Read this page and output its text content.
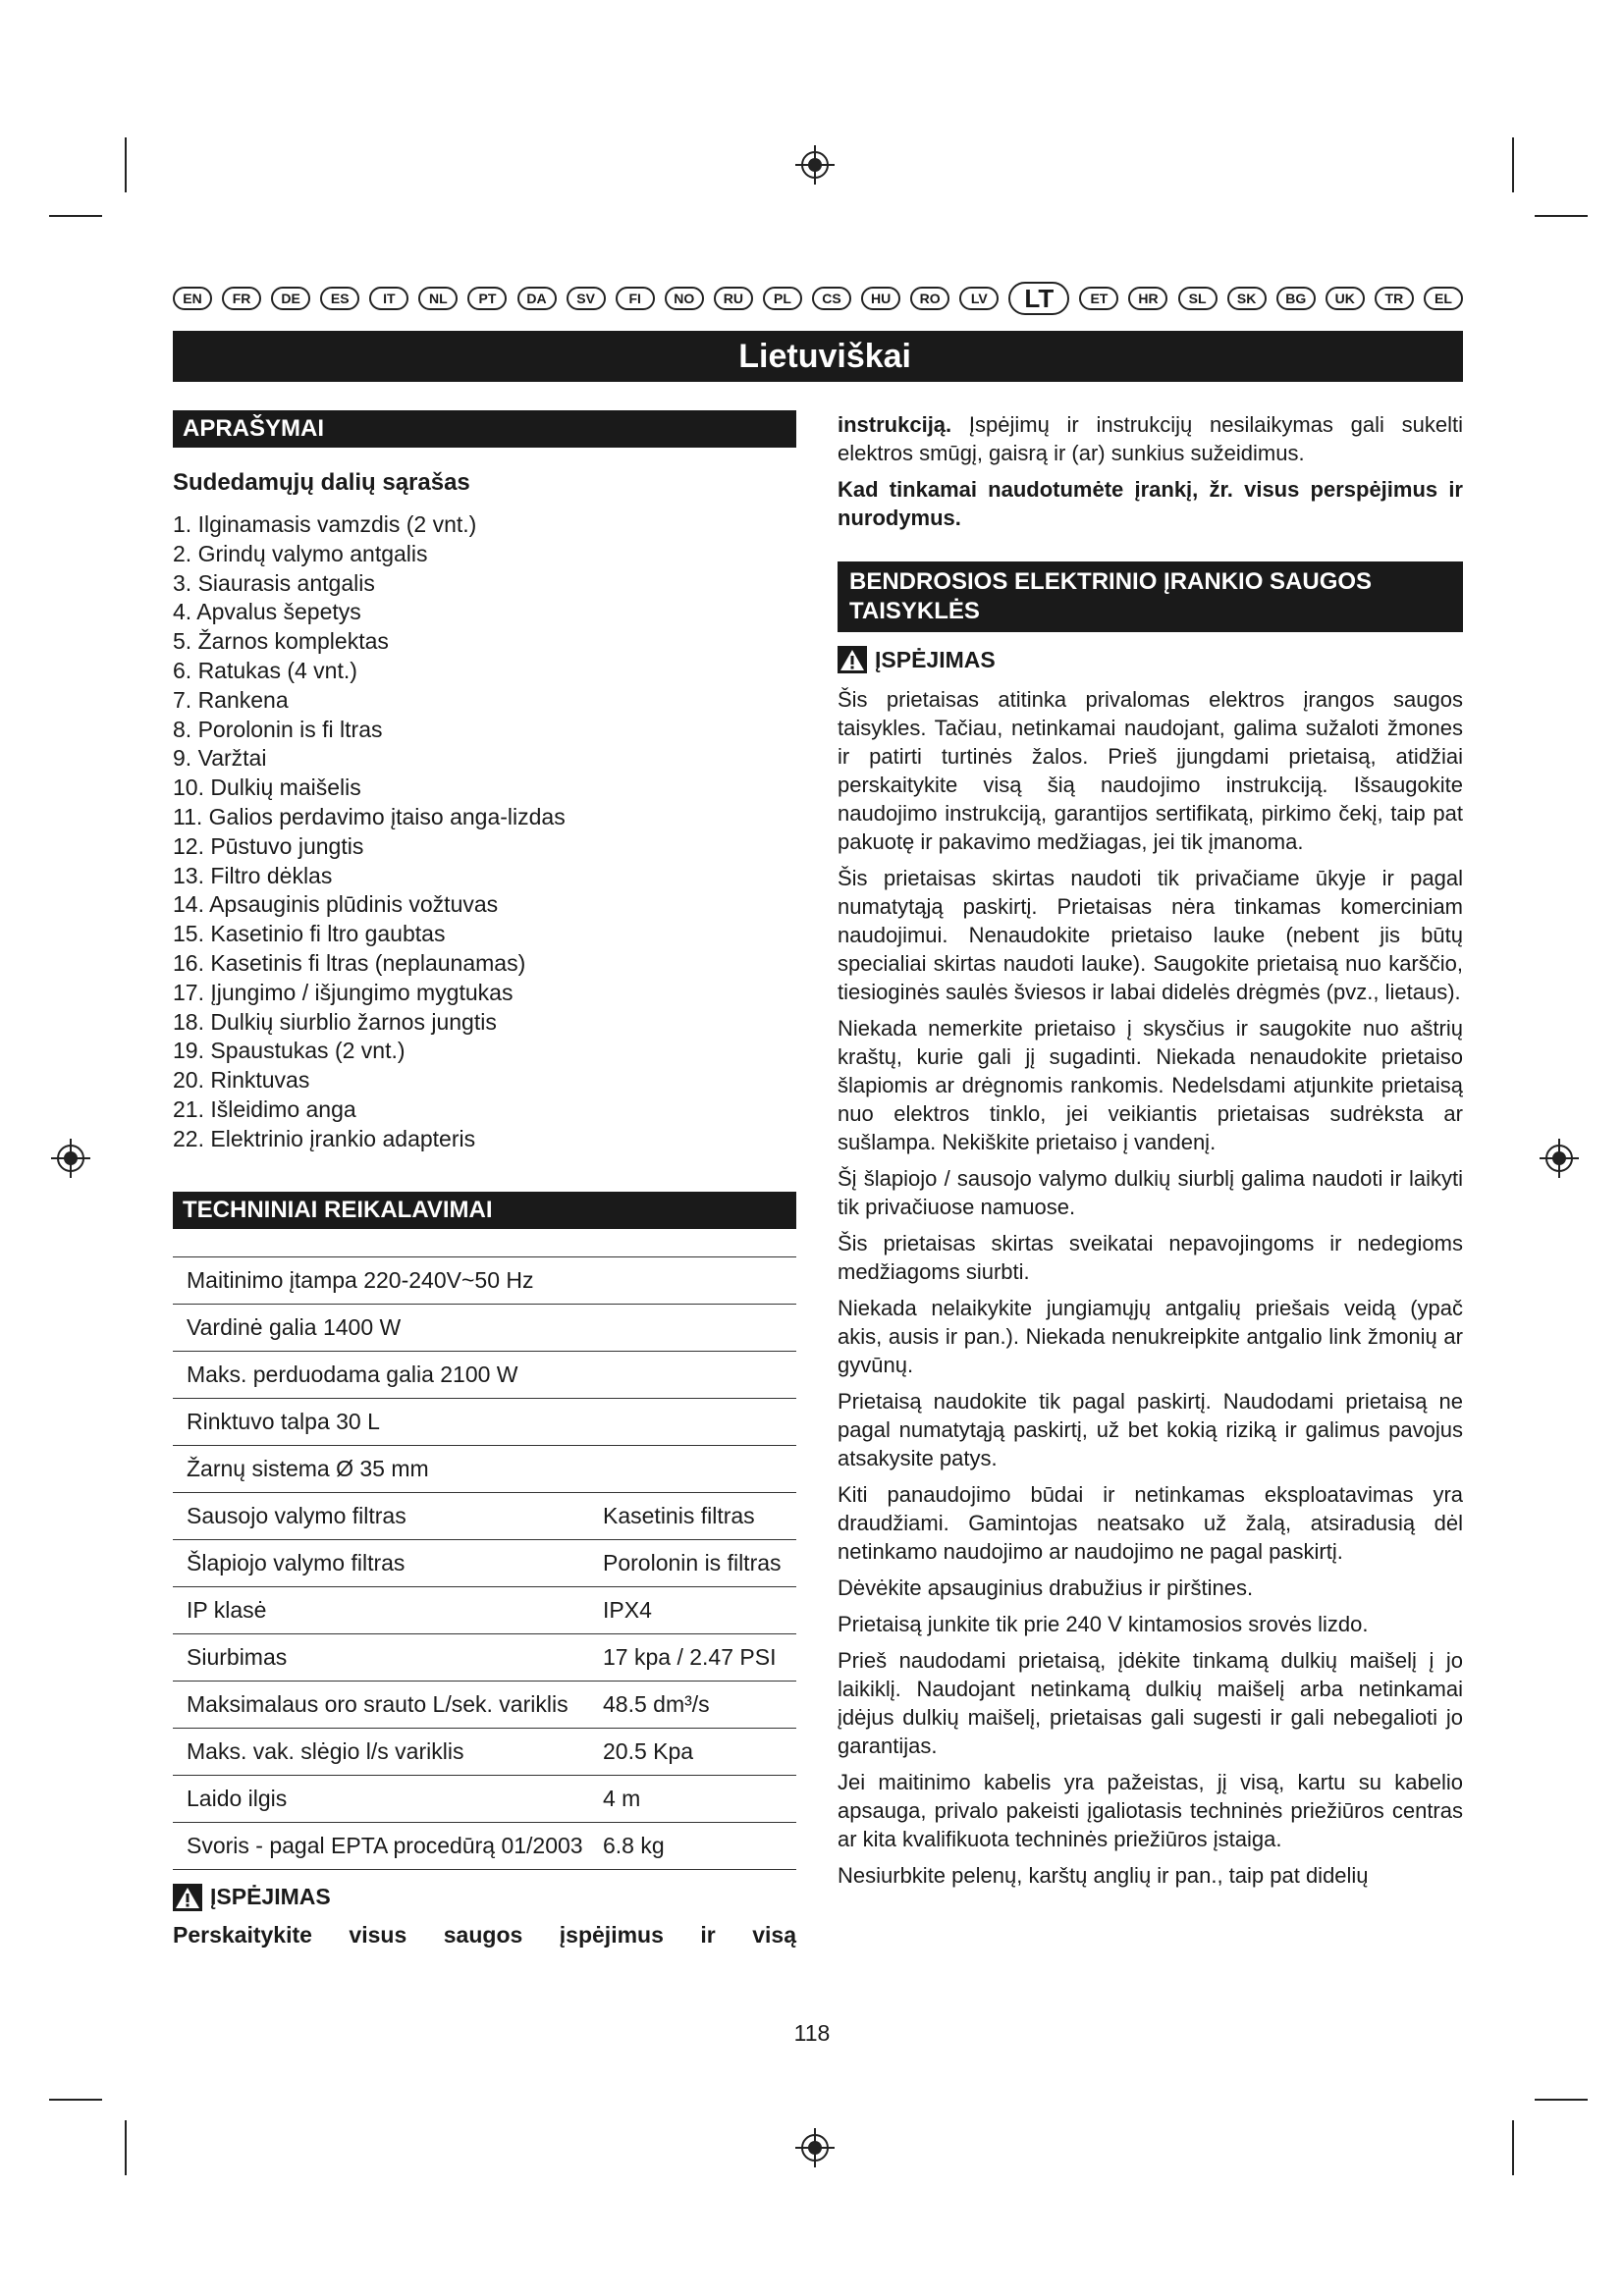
EN	FR	DE	ES	IT	NL	PT	DA	SV	FI	NO	RU	PL	CS	HU	RO	LV	LT	ET	HR	SL	SK	BG	UK	TR	EL
Lietuviškai
APRAŠYMAI
Sudedamųjų dalių sąrašas
1. Ilginamasis vamzdis (2 vnt.)
2. Grindų valymo antgalis
3. Siaurasis antgalis
4. Apvalus šepetys
5. Žarnos komplektas
6. Ratukas (4 vnt.)
7. Rankena
8. Porolonin is fi ltras
9. Varžtai
10. Dulkių maišelis
11. Galios perdavimo įtaiso anga-lizdas
12. Pūstuvo jungtis
13. Filtro dėklas
14. Apsauginis plūdinis vožtuvas
15. Kasetinio fi ltro gaubtas
16. Kasetinis fi ltras (neplaunamas)
17. Įjungimo / išjungimo mygtukas
18. Dulkių siurblio žarnos jungtis
19. Spaustukas (2 vnt.)
20. Rinktuvas
21. Išleidimo anga
22. Elektrinio įrankio adapteris
TECHNINIAI REIKALAVIMAI
Maitinimo įtampa 220-240V~50 Hz	
Vardinė galia 1400 W	
Maks. perduodama galia 2100 W	
Rinktuvo talpa 30 L	
Žarnų sistema Ø 35 mm	
Sausojo valymo filtras	Kasetinis filtras
Šlapiojo valymo filtras	Porolonin is filtras
IP klasė	IPX4
Siurbimas	17 kpa / 2.47 PSI
Maksimalaus oro srauto L/sek. variklis	48.5 dm³/s
Maks. vak. slėgio l/s variklis	20.5 Kpa
Laido ilgis	4 m
Svoris - pagal EPTA procedūrą 01/2003	6.8 kg
ĮSPĖJIMAS
Perskaitykite visus saugos įspėjimus ir visą

instrukciją. Įspėjimų ir instrukcijų nesilaikymas gali sukelti elektros smūgį, gaisrą ir (ar) sunkius sužeidimus.

Kad tinkamai naudotumėte įrankį, žr. visus perspėjimus ir nurodymus.

BENDROSIOS ELEKTRINIO ĮRANKIO SAUGOS TAISYKLĖS
ĮSPĖJIMAS

Šis prietaisas atitinka privalomas elektros įrangos saugos taisykles. Tačiau, netinkamai naudojant, galima sužaloti žmones ir patirti turtinės žalos. Prieš įjungdami prietaisą, atidžiai perskaitykite visą šią naudojimo instrukciją. Išsaugokite naudojimo instrukciją, garantijos sertifikatą, pirkimo čekį, taip pat pakuotę ir pakavimo medžiagas, jei tik įmanoma.

Šis prietaisas skirtas naudoti tik privačiame ūkyje ir pagal numatytąją paskirtį. Prietaisas nėra tinkamas komerciniam naudojimui. Nenaudokite prietaiso lauke (nebent jis būtų specialiai skirtas naudoti lauke). Saugokite prietaisą nuo karščio, tiesioginės saulės šviesos ir labai didelės drėgmės (pvz., lietaus).

Niekada nemerkite prietaiso į skysčius ir saugokite nuo aštrių kraštų, kurie gali jį sugadinti. Niekada nenaudokite prietaiso šlapiomis ar drėgnomis rankomis. Nedelsdami atjunkite prietaisą nuo elektros tinklo, jei veikiantis prietaisas sudrėksta ar sušlampa. Nekiškite prietaiso į vandenį.

Šį šlapiojo / sausojo valymo dulkių siurblį galima naudoti ir laikyti tik privačiuose namuose.

Šis prietaisas skirtas sveikatai nepavojingoms ir nedegioms medžiagoms siurbti.

Niekada nelaikykite jungiamųjų antgalių priešais veidą (ypač akis, ausis ir pan.). Niekada nenukreipkite antgalio link žmonių ar gyvūnų.

Prietaisą naudokite tik pagal paskirtį. Naudodami prietaisą ne pagal numatytąją paskirtį, už bet kokią riziką ir galimus pavojus atsakysite patys.

Kiti panaudojimo būdai ir netinkamas eksploatavimas yra draudžiami. Gamintojas neatsako už žalą, atsiradusią dėl netinkamo naudojimo ar naudojimo ne pagal paskirtį.

Dėvėkite apsauginius drabužius ir pirštines.

Prietaisą junkite tik prie 240 V kintamosios srovės lizdo.

Prieš naudodami prietaisą, įdėkite tinkamą dulkių maišelį į jo laikiklį. Naudojant netinkamą dulkių maišelį arba netinkamai įdėjus dulkių maišelį, prietaisas gali sugesti ir gali nebegalioti jo garantijas.

Jei maitinimo kabelis yra pažeistas, jį visą, kartu su kabelio apsauga, privalo pakeisti įgaliotasis techninės priežiūros centras ar kita kvalifikuota techninės priežiūros įstaiga.

Nesiurbkite pelenų, karštų anglių ir pan., taip pat didelių

118
